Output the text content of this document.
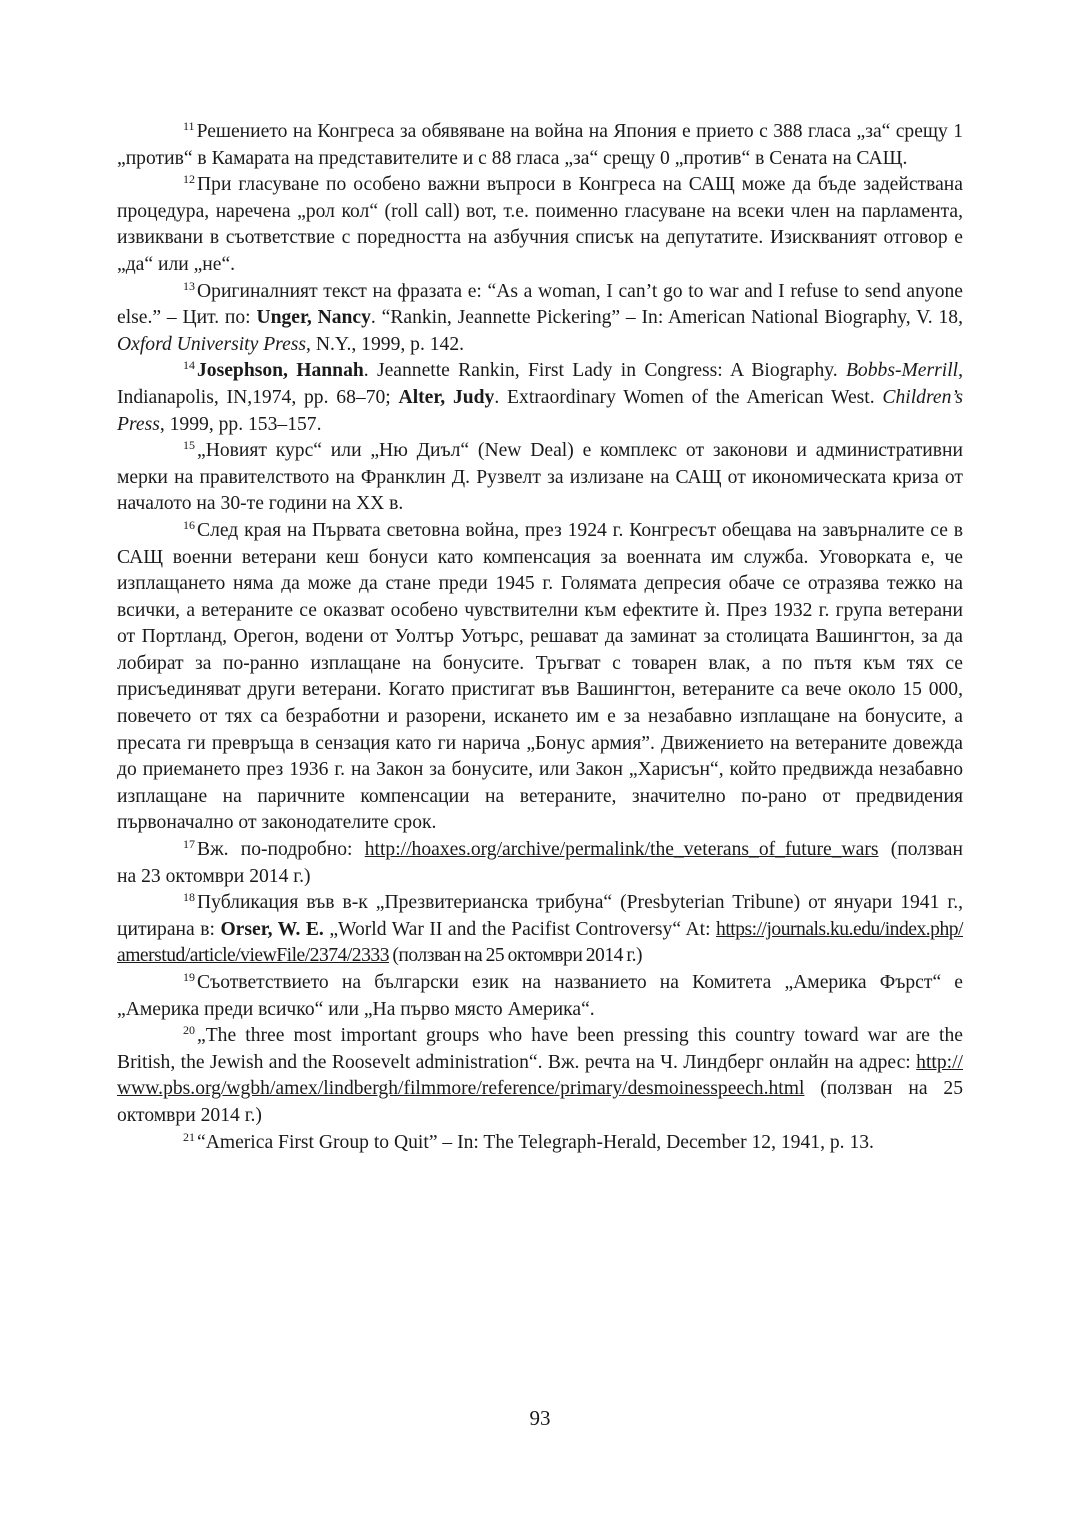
$^{11}$ Решението на Конгреса за обявяване на война на Япония е прието с 388 гласа „за“ срещу 1 „против“ в Камарата на представителите и с 88 гласа „за“ срещу 0 „против“ в Сената на САЩ.

$^{12}$ При гласуване по особено важни въпроси в Конгреса на САЩ може да бъде задействана процедура, наречена „рол кол“ (roll call) вот, т.е. поименно гласуване на всеки член на парламента, извиквани в съответствие с поредността на азбучния списък на депутатите. Изискваният отговор е „да“ или „не“.

$^{13}$ Оригиналният текст на фразата е: “As a woman, I can’t go to war and I refuse to send anyone else.” – Цит. по: Unger, Nancy. “Rankin, Jeannette Pickering” – In: American National Biography, V. 18, Oxford University Press, N.Y., 1999, p. 142.

$^{14}$ Josephson, Hannah. Jeannette Rankin, First Lady in Congress: A Biography. Bobbs-Merrill, Indianapolis, IN,1974, pp. 68–70; Alter, Judy. Extraordinary Women of the American West. Children’s Press, 1999, pp. 153–157.

$^{15}$ „Новият курс“ или „Ню Диъл“ (New Deal) е комплекс от законови и административни мерки на правителството на Франклин Д. Рузвелт за излизане на САЩ от икономическата криза от началото на 30-те години на XX в.

$^{16}$ След края на Първата световна война, през 1924 г. Конгресът обещава на завърналите се в САЩ военни ветерани кеш бонуси като компенсация за военната им служба. Уговорката е, че изплащането няма да може да стане преди 1945 г. Голямата депресия обаче се отразява тежко на всички, а ветераните се оказват особено чувствителни към ефектите ѝ. През 1932 г. група ветерани от Портланд, Орегон, водени от Уолтър Уотърс, решават да заминат за столицата Вашингтон, за да лобират за по-ранно изплащане на бонусите. Тръгват с товарен влак, а по пътя към тях се присъединяват други ветерани. Когато пристигат във Вашингтон, ветераните са вече около 15 000, повечето от тях са безработни и разорени, искането им е за незабавно изплащане на бонусите, а пресата ги превръща в сензация като ги нарича „Бонус армия”. Движението на ветераните довежда до приемането през 1936 г. на Закон за бонусите, или Закон „Харисън“, който предвижда незабавно изплащане на паричните компенсации на ветераните, значително по-рано от предвидения първоначално от законодателите срок.

$^{17}$ Вж. по-подробно: http://hoaxes.org/archive/permalink/the_veterans_of_future_wars (ползван на 23 октомври 2014 г.)

$^{18}$ Публикация във в-к „Презвитерианска трибуна“ (Presbyterian Tribune) от януари 1941 г., цитирана в: Orser, W. E. „World War II and the Pacifist Controversy“ At: https://journals.ku.edu/index.php/amerstud/article/viewFile/2374/2333 (ползван на 25 октомври 2014 г.)

$^{19}$ Съответствието на български език на названието на Комитета „Америка Фърст“ е „Америка преди всичко“ или „На първо място Америка“.

$^{20}$ „The three most important groups who have been pressing this country toward war are the British, the Jewish and the Roosevelt administration“. Вж. речта на Ч. Линдберг онлайн на адрес: http://www.pbs.org/wgbh/amex/lindbergh/filmmore/reference/primary/desmoinesspeech.html (ползван на 25 октомври 2014 г.)

$^{21}$ “America First Group to Quit” – In: The Telegraph-Herald, December 12, 1941, p. 13.

93
